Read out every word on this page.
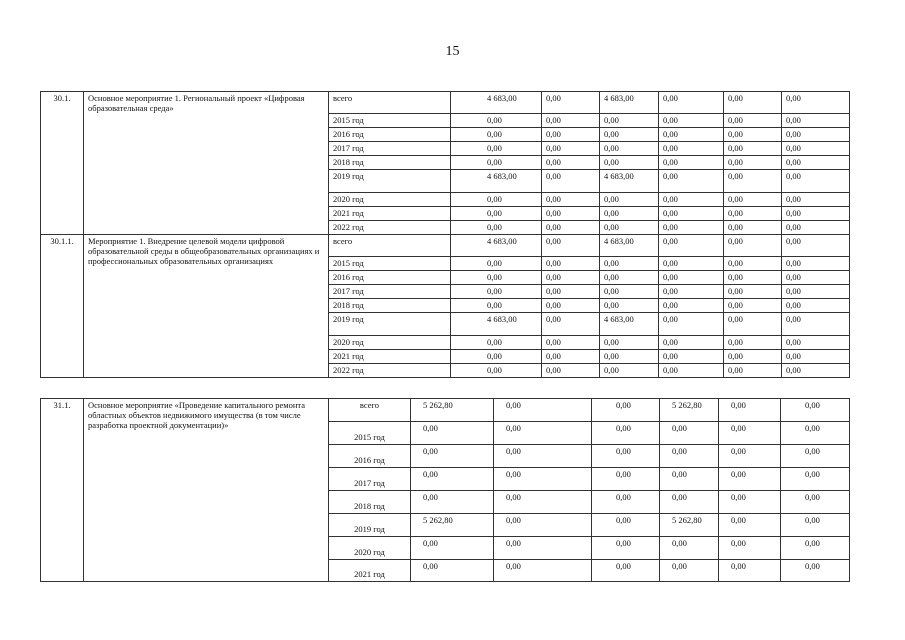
15
30.1.	Основное мероприятие 1. Региональный проект «Цифровая образовательная среда»	всего	4 683,00	0,00	4 683,00	0,00	0,00	0,00
		2015 год	0,00	0,00	0,00	0,00	0,00	0,00
		2016 год	0,00	0,00	0,00	0,00	0,00	0,00
		2017 год	0,00	0,00	0,00	0,00	0,00	0,00
		2018 год	0,00	0,00	0,00	0,00	0,00	0,00
		2019 год	4 683,00	0,00	4 683,00	0,00	0,00	0,00
		2020 год	0,00	0,00	0,00	0,00	0,00	0,00
		2021 год	0,00	0,00	0,00	0,00	0,00	0,00
		2022 год	0,00	0,00	0,00	0,00	0,00	0,00
30.1.1.	Мероприятие 1. Внедрение целевой модели цифровой образовательной среды в общеобразовательных организациях и профессиональных образовательных организациях	всего	4 683,00	0,00	4 683,00	0,00	0,00	0,00
		2015 год	0,00	0,00	0,00	0,00	0,00	0,00
		2016 год	0,00	0,00	0,00	0,00	0,00	0,00
		2017 год	0,00	0,00	0,00	0,00	0,00	0,00
		2018 год	0,00	0,00	0,00	0,00	0,00	0,00
		2019 год	4 683,00	0,00	4 683,00	0,00	0,00	0,00
		2020 год	0,00	0,00	0,00	0,00	0,00	0,00
		2021 год	0,00	0,00	0,00	0,00	0,00	0,00
		2022 год	0,00	0,00	0,00	0,00	0,00	0,00
31.1.	Основное мероприятие «Проведение капитального ремонта областных объектов недвижимого имущества (в том числе разработка проектной документации)»	всего	5 262,80	0,00	0,00	5 262,80	0,00	0,00
		2015 год	0,00	0,00	0,00	0,00	0,00	0,00
		2016 год	0,00	0,00	0,00	0,00	0,00	0,00
		2017 год	0,00	0,00	0,00	0,00	0,00	0,00
		2018 год	0,00	0,00	0,00	0,00	0,00	0,00
		2019 год	5 262,80	0,00	0,00	5 262,80	0,00	0,00
		2020 год	0,00	0,00	0,00	0,00	0,00	0,00
		2021 год	0,00	0,00	0,00	0,00	0,00	0,00
